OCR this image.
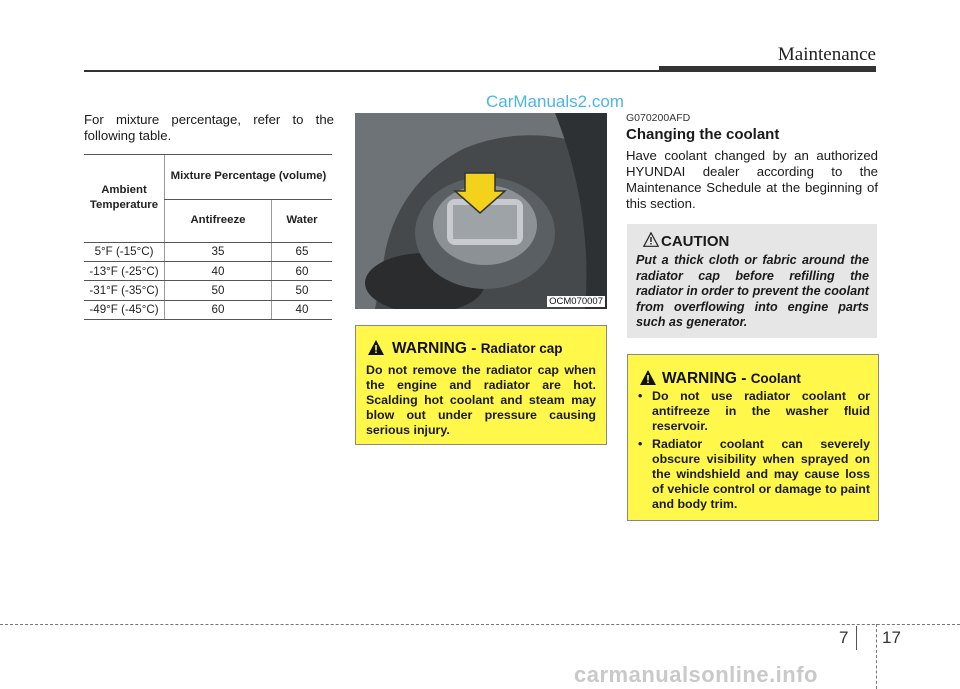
Maintenance
CarManuals2.com
For mixture percentage, refer to the following table.
Ambient Temperature	Mixture Percentage (volume)	
	Antifreeze	Water
5°F (-15°C)	35	65
-13°F (-25°C)	40	60
-31°F (-35°C)	50	50
-49°F (-45°C)	60	40
OCM070007
WARNING - Radiator cap
Do not remove the radiator cap when the engine and radiator are hot. Scalding hot coolant and steam may blow out under pressure causing serious injury.
G070200AFD
Changing the coolant
Have coolant changed by an authorized HYUNDAI dealer according to the Maintenance Schedule at the beginning of this section.
CAUTION
Put a thick cloth or fabric around the radiator cap before refilling the radiator in order to prevent the coolant from overflowing into engine parts such as generator.
WARNING - Coolant
• Do not use radiator coolant or antifreeze in the washer fluid reservoir.
• Radiator coolant can severely obscure visibility when sprayed on the windshield and may cause loss of vehicle control or damage to paint and body trim.
7 17
carmanualsonline.info
